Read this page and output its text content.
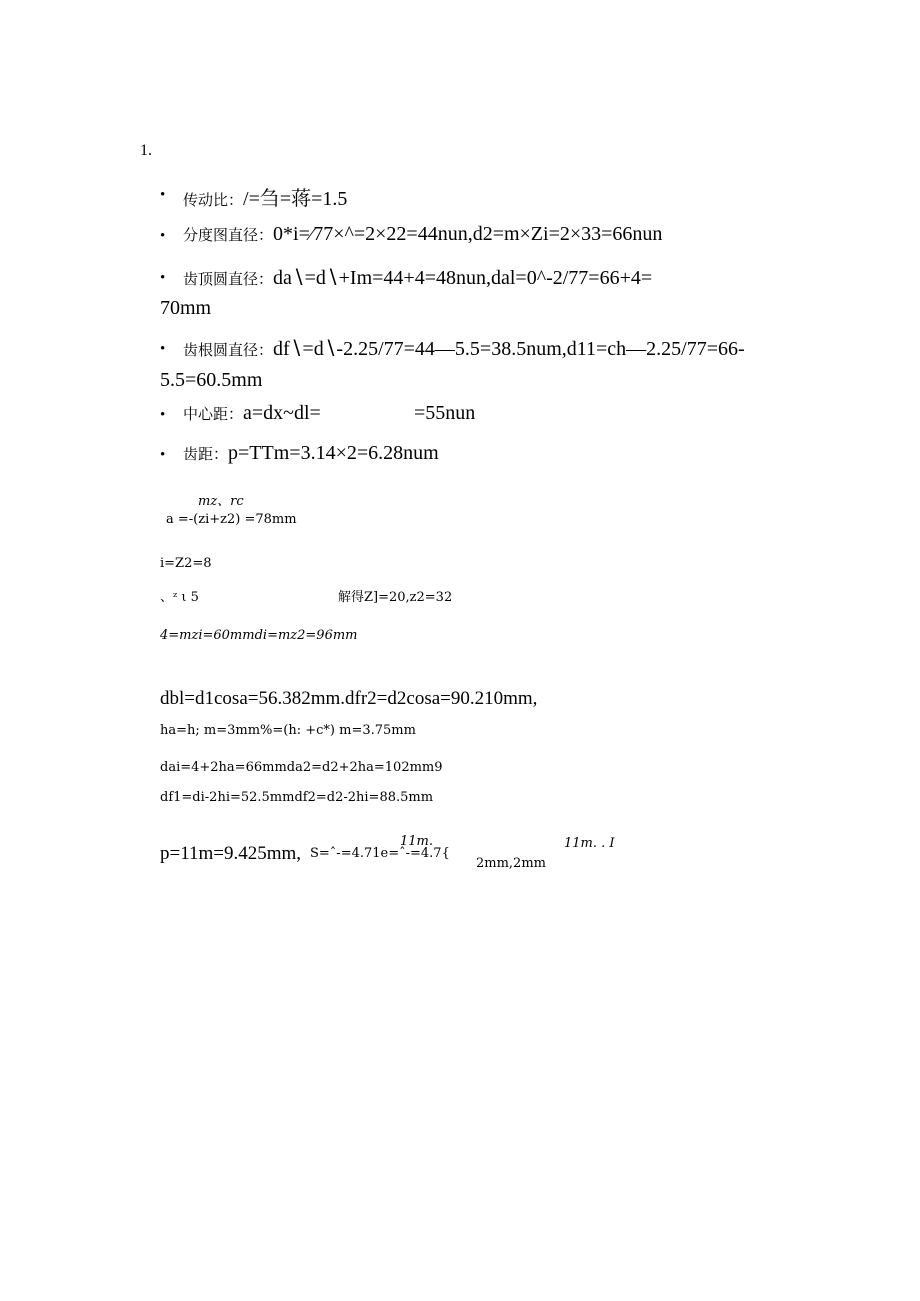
1.
• 传动比：/=刍=蒋=1.5
• 分度图直径：0*i=⁄77×^=2×22=44nun,d2=m×Zi=2×33=66nun
• 齿顶圆直径：da∖=d∖+Im=44+4=48nun,dal=0^-2/77=66+4=
70mm
• 齿根圆直径：df∖=d∖-2.25/77=44—5.5=38.5num,d11=ch—2.25/77=66-
5.5=60.5mm
• 中心距：a=dx~dl=	=55nun
• 齿距：p=TTm=3.14×2=6.28num
mz、rc
a =-(zi+z2) =78mm
i=Z2=8
、ᶻ ι 5	解得Z]=20,z2=32
4=mzi=60mmdi=mz2=96mm
dbl=d1cosa=56.382mm.dfr2=d2cosa=90.210mm,
ha=h; m=3mm%=(h: +c*) m=3.75mm
dai=4+2ha=66mmda2=d2+2ha=102mm9
df1=di-2hi=52.5mmdf2=d2-2hi=88.5mm
p=11m=9.425mm, S=ˆ-=4.71e=ˆ-=4.7{
11m.
2mm,2mm
11m. . I
